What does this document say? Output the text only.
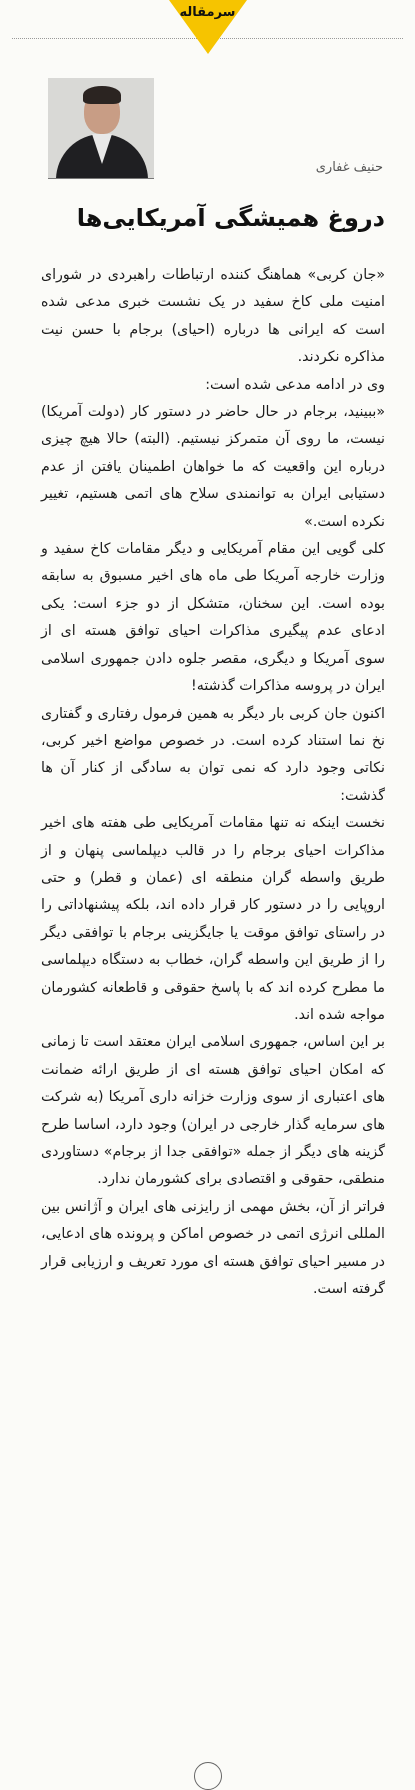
سرمقاله
حنیف غفاری
دروغ همیشگی آمریکایی‌ها

«جان کربی» هماهنگ کننده ارتباطات راهبردی در شورای امنیت ملی کاخ سفید در یک نشست خبری مدعی شده است که ایرانی ها درباره (احیای) برجام با حسن نیت مذاکره نکردند.

وی در ادامه مدعی شده است:

«ببینید، برجام در حال حاضر در دستور کار (دولت آمریکا) نیست، ما روی آن متمرکز نیستیم. (البته) حالا هیچ چیزی درباره این واقعیت که ما خواهان اطمینان یافتن از عدم دستیابی ایران به توانمندی سلاح های اتمی هستیم، تغییر نکرده است.»

کلی گویی این مقام آمریکایی و دیگر مقامات کاخ سفید و وزارت خارجه آمریکا طی ماه های اخیر مسبوق به سابقه بوده است. این سخنان، متشکل از دو جزء است: یکی ادعای عدم پیگیری مذاکرات احیای توافق هسته ای از سوی آمریکا و دیگری، مقصر جلوه دادن جمهوری اسلامی ایران در پروسه مذاکرات گذشته!

اکنون جان کربی بار دیگر به همین فرمول رفتاری و گفتاری نخ نما استناد کرده است. در خصوص مواضع اخیر کربی، نکاتی وجود دارد که نمی توان به سادگی از کنار آن ها گذشت:

نخست اینکه نه تنها مقامات آمریکایی طی هفته های اخیر مذاکرات احیای برجام را در قالب دیپلماسی پنهان و از طریق واسطه گران منطقه ای (عمان و قطر) و حتی اروپایی را در دستور کار قرار داده اند، بلکه پیشنهاداتی را در راستای توافق موقت یا جایگزینی برجام با توافقی دیگر را از طریق این واسطه گران، خطاب به دستگاه دیپلماسی ما مطرح کرده اند که با پاسخ حقوقی و قاطعانه کشورمان مواجه شده اند.

بر این اساس، جمهوری اسلامی ایران معتقد است تا زمانی که امکان احیای توافق هسته ای از طریق ارائه ضمانت های اعتباری از سوی وزارت خزانه داری آمریکا (به شرکت های سرمایه گذار خارجی در ایران) وجود دارد، اساسا طرح گزینه های دیگر از جمله «توافقی جدا از برجام» دستاوردی منطقی، حقوقی و اقتصادی برای کشورمان ندارد.

فراتر از آن، بخش مهمی از رایزنی های ایران و آژانس بین المللی انرژی اتمی در خصوص اماکن و پرونده های ادعایی، در مسیر احیای توافق هسته ای مورد تعریف و ارزیابی قرار گرفته است.
